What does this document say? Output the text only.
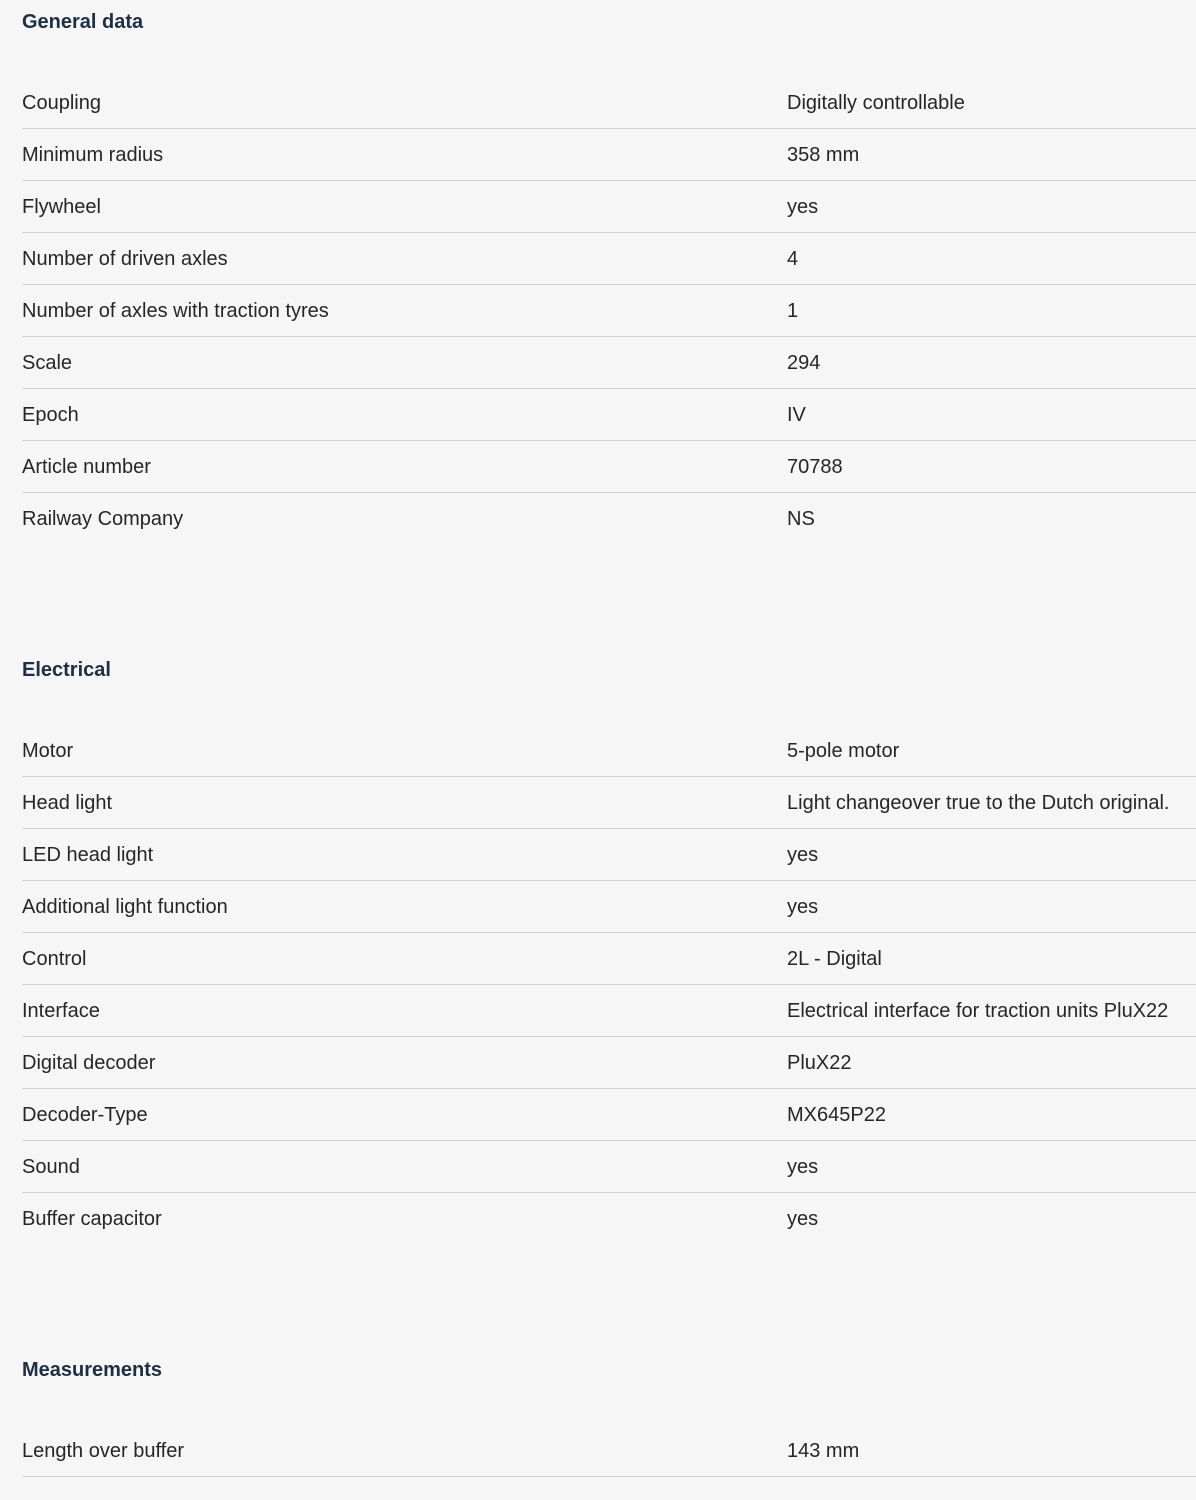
General data
Coupling	Digitally controllable
Minimum radius	358 mm
Flywheel	yes
Number of driven axles	4
Number of axles with traction tyres	1
Scale	294
Epoch	IV
Article number	70788
Railway Company	NS
Electrical
Motor	5-pole motor
Head light	Light changeover true to the Dutch original.
LED head light	yes
Additional light function	yes
Control	2L - Digital
Interface	Electrical interface for traction units PluX22
Digital decoder	PluX22
Decoder-Type	MX645P22
Sound	yes
Buffer capacitor	yes
Measurements
Length over buffer	143 mm
